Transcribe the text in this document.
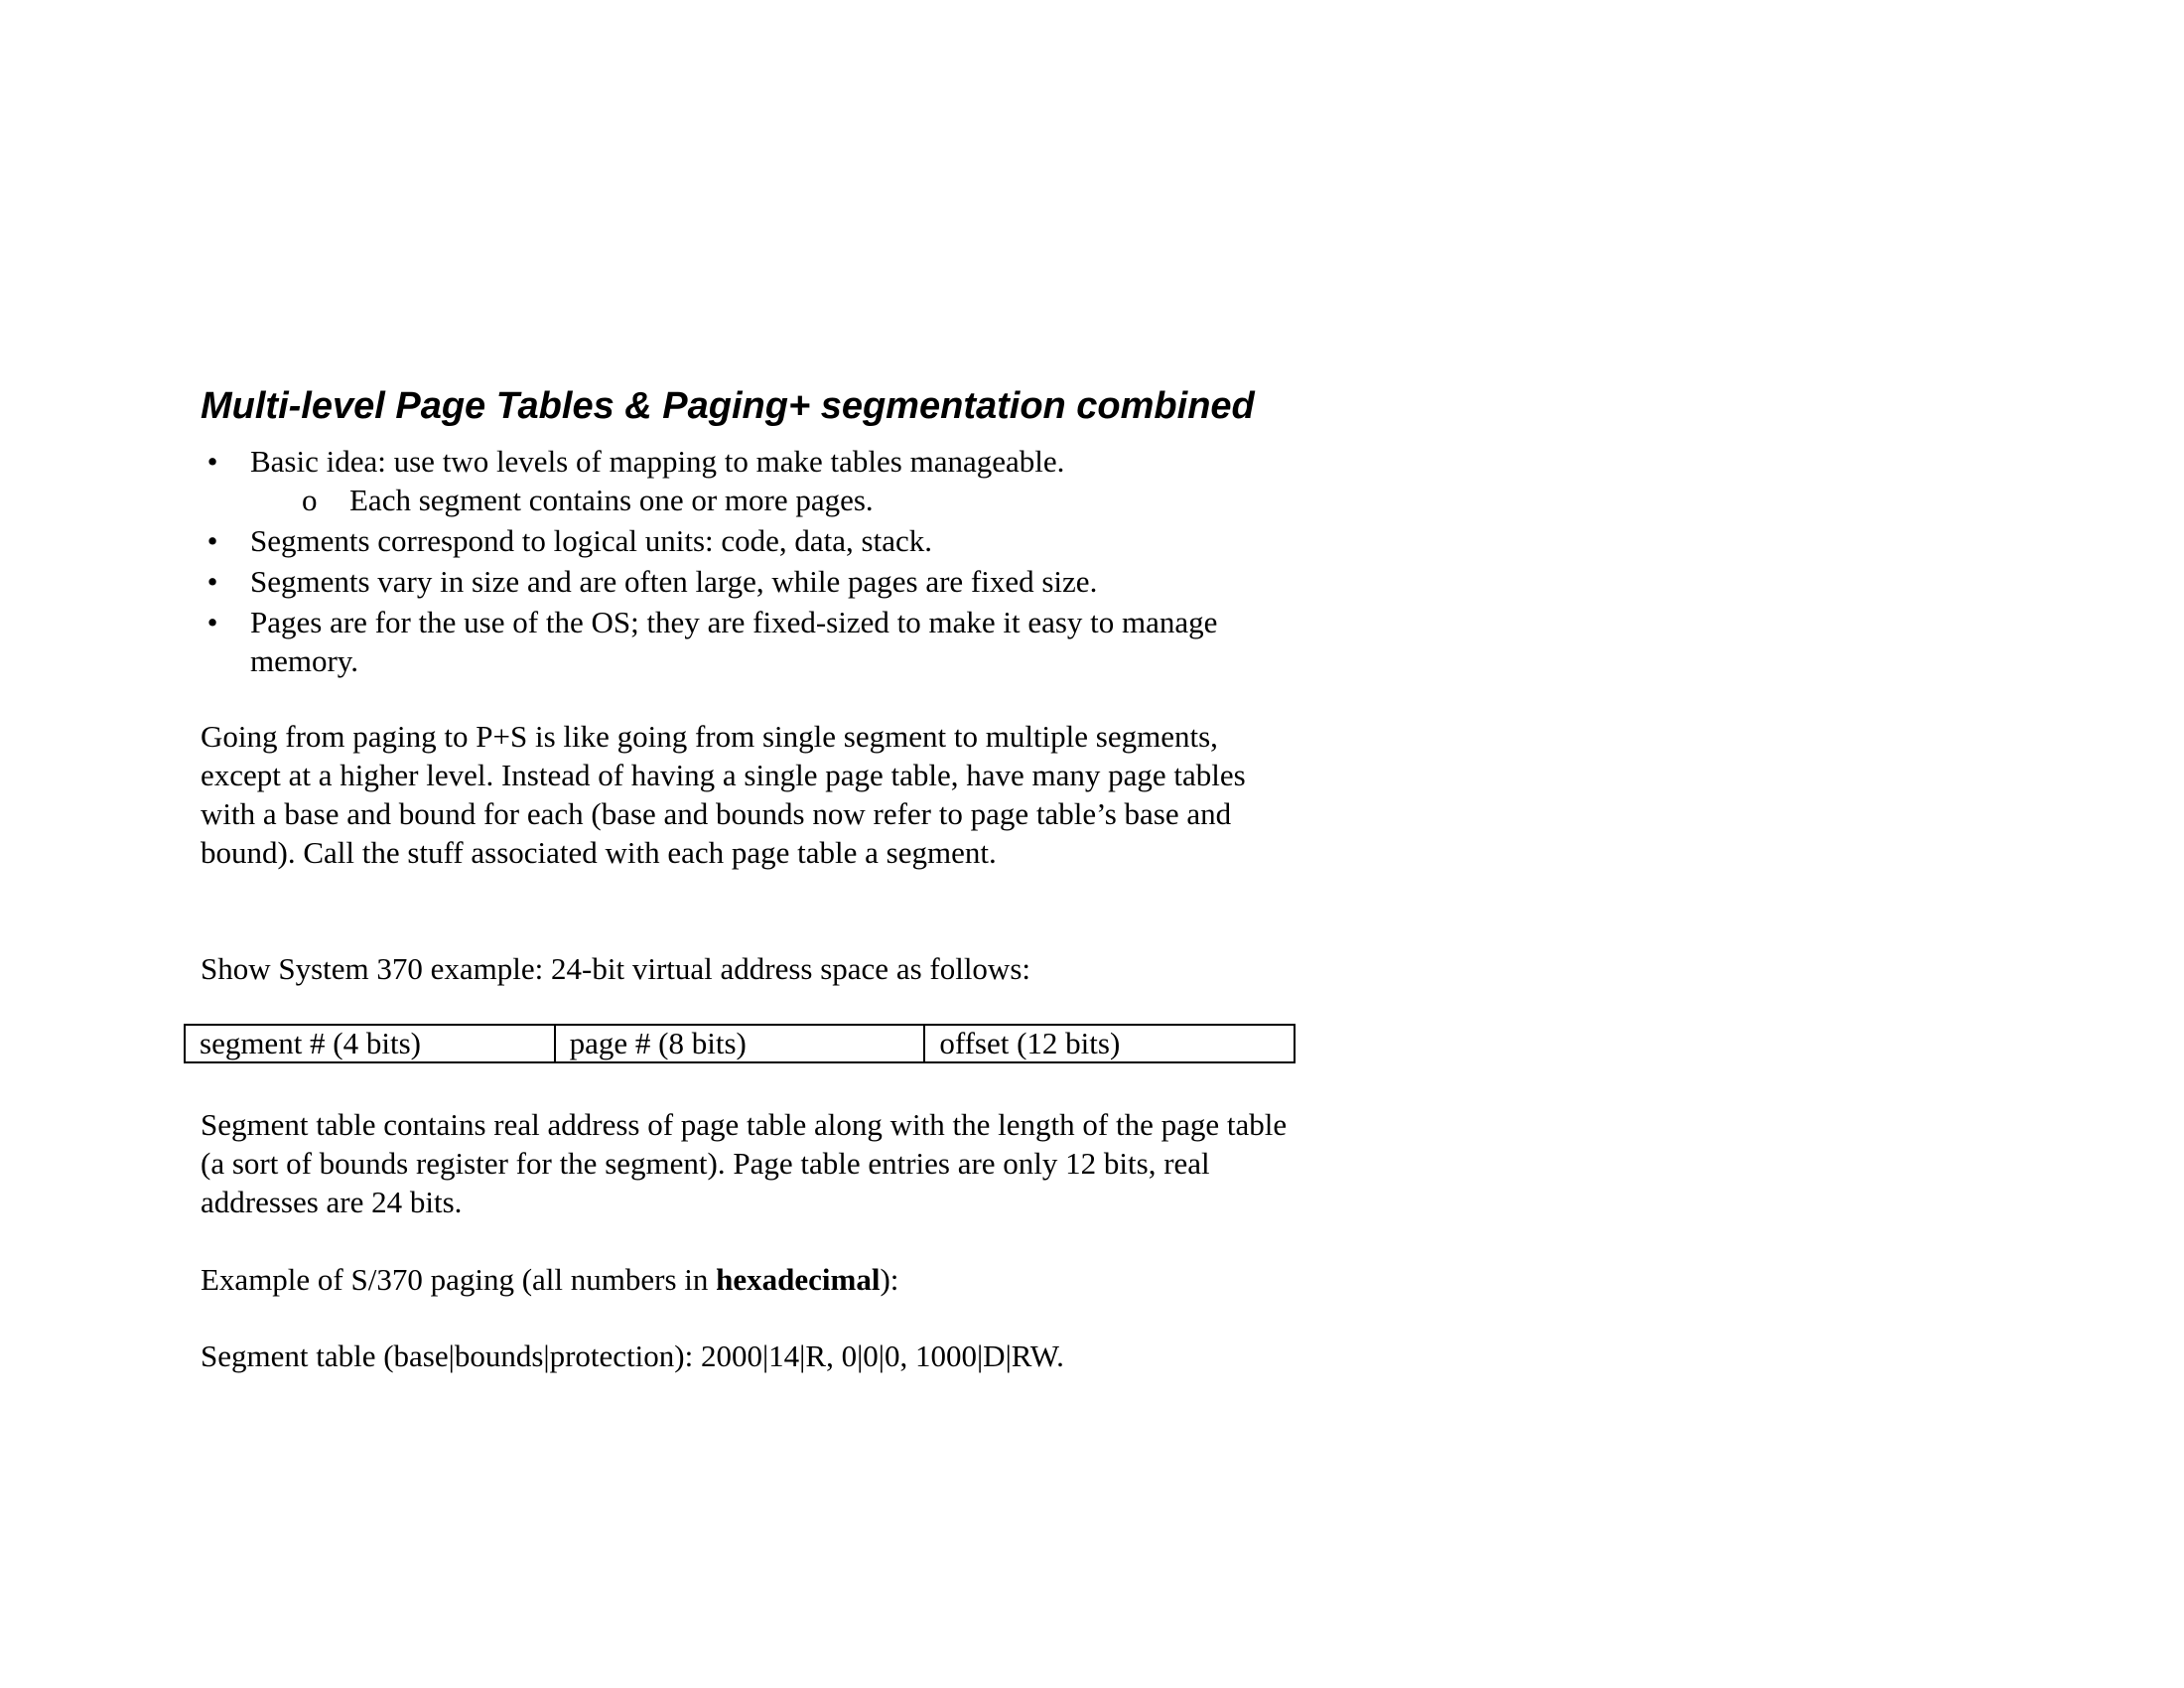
Multi-level Page Tables & Paging+ segmentation combined
• Basic idea: use two levels of mapping to make tables manageable.
o Each segment contains one or more pages.
• Segments correspond to logical units: code, data, stack.
• Segments vary in size and are often large, while pages are fixed size.
• Pages are for the use of the OS; they are fixed-sized to make it easy to manage memory.

Going from paging to P+S is like going from single segment to multiple segments, except at a higher level. Instead of having a single page table, have many page tables with a base and bound for each (base and bounds now refer to page table’s base and bound). Call the stuff associated with each page table a segment.

Show System 370 example: 24-bit virtual address space as follows:

segment # (4 bits)	page # (8 bits)	offset (12 bits)

Segment table contains real address of page table along with the length of the page table (a sort of bounds register for the segment). Page table entries are only 12 bits, real addresses are 24 bits.

Example of S/370 paging (all numbers in hexadecimal):

Segment table (base|bounds|protection): 2000|14|R, 0|0|0, 1000|D|RW.
